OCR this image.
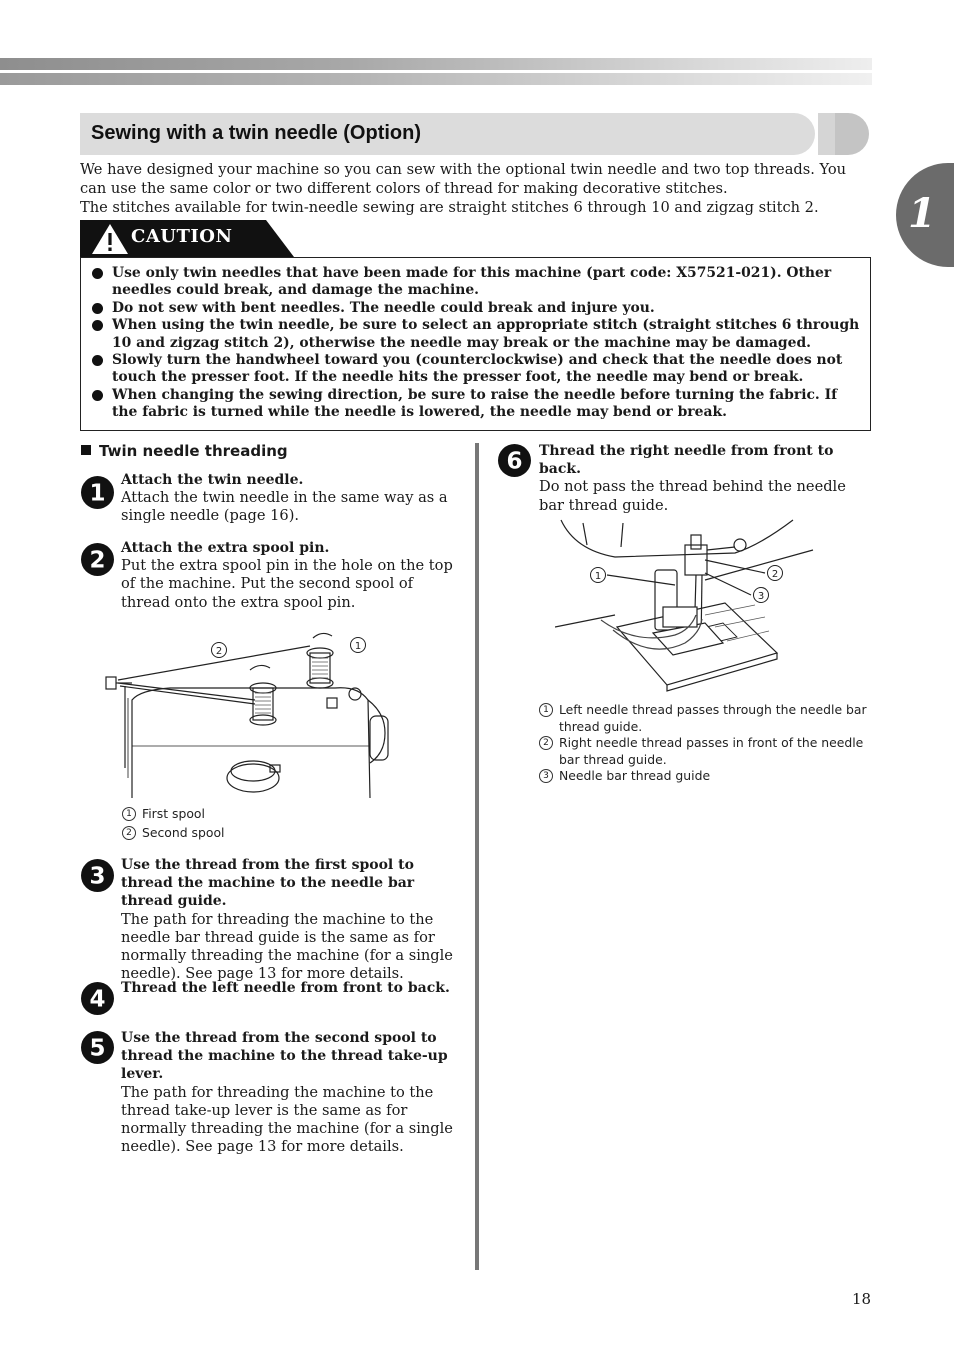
1
Sewing with a twin needle (Option)

We have designed your machine so you can sew with the optional twin needle and two top threads. You can use the same color or two different colors of thread for making decorative stitches.

The stitches available for twin-needle sewing are straight stitches 6 through 10 and zigzag stitch 2.

CAUTION
Use only twin needles that have been made for this machine (part code: X57521-021). Other needles could break, and damage the machine.
Do not sew with bent needles. The needle could break and injure you.
When using the twin needle, be sure to select an appropriate stitch (straight stitches 6 through 10 and zigzag stitch 2), otherwise the needle may break or the machine may be damaged.
Slowly turn the handwheel toward you (counterclockwise) and check that the needle does not touch the presser foot. If the needle hits the presser foot, the needle may bend or break.
When changing the sewing direction, be sure to raise the needle before turning the fabric. If the fabric is turned while the needle is lowered, the needle may bend or break.
Twin needle threading
1
Attach the twin needle.
Attach the twin needle in the same way as a single needle (page 16).
2 Attach the extra spool pin.
Put the extra spool pin in the hole on the top of the machine. Put the second spool of thread onto the extra spool pin.
1
2
1 First spool
2 Second spool
3 Use the thread from the first spool to thread the machine to the needle bar thread guide.
The path for threading the machine to the needle bar thread guide is the same as for normally threading the machine (for a single needle). See page 13 for more details.
4 Thread the left needle from front to back.
5 Use the thread from the second spool to thread the machine to the thread take-up lever.
The path for threading the machine to the thread take-up lever is the same as for normally threading the machine (for a single needle). See page 13 for more details.
6 Thread the right needle from front to back.
Do not pass the thread behind the needle bar thread guide.
1	2
3
1 Left needle thread passes through the needle bar thread guide.
2 Right needle thread passes in front of the needle bar thread guide.
3 Needle bar thread guide
18
